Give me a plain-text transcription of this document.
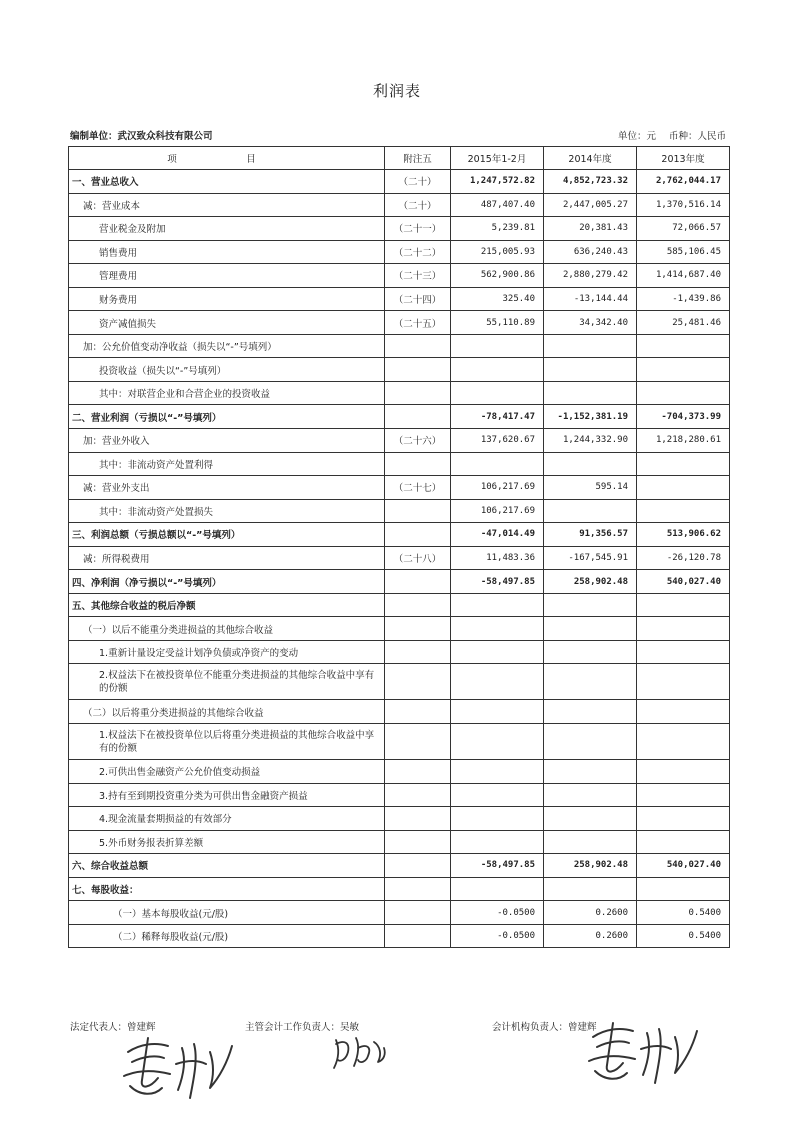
利润表
编制单位：武汉致众科技有限公司	单位：元 币种：人民币
项　目	附注五	2015年1-2月	2014年度	2013年度
一、营业总收入	（二十）	1,247,572.82	4,852,723.32	2,762,044.17
减：营业成本	（二十）	487,407.40	2,447,005.27	1,370,516.14
营业税金及附加	（二十一）	5,239.81	20,381.43	72,066.57
销售费用	（二十二）	215,005.93	636,240.43	585,106.45
管理费用	（二十三）	562,900.86	2,880,279.42	1,414,687.40
财务费用	（二十四）	325.40	-13,144.44	-1,439.86
资产减值损失	（二十五）	55,110.89	34,342.40	25,481.46
加：公允价值变动净收益（损失以“-”号填列）				
投资收益（损失以“-”号填列）				
其中：对联营企业和合营企业的投资收益				
二、营业利润（亏损以“-”号填列）		-78,417.47	-1,152,381.19	-704,373.99
加：营业外收入	（二十六）	137,620.67	1,244,332.90	1,218,280.61
其中：非流动资产处置利得				
减：营业外支出	（二十七）	106,217.69	595.14	
其中：非流动资产处置损失		106,217.69		
三、利润总额（亏损总额以“-”号填列）		-47,014.49	91,356.57	513,906.62
减：所得税费用	（二十八）	11,483.36	-167,545.91	-26,120.78
四、净利润（净亏损以“-”号填列）		-58,497.85	258,902.48	540,027.40
五、其他综合收益的税后净额				
（一）以后不能重分类进损益的其他综合收益				
1.重新计量设定受益计划净负债或净资产的变动				
2.权益法下在被投资单位不能重分类进损益的其他综合收益中享有的份额				
（二）以后将重分类进损益的其他综合收益				
1.权益法下在被投资单位以后将重分类进损益的其他综合收益中享有的份额				
2.可供出售金融资产公允价值变动损益				
3.持有至到期投资重分类为可供出售金融资产损益				
4.现金流量套期损益的有效部分				
5.外币财务报表折算差额				
六、综合收益总额		-58,497.85	258,902.48	540,027.40
七、每股收益：				
（一）基本每股收益(元/股)		-0.0500	0.2600	0.5400
（二）稀释每股收益(元/股)		-0.0500	0.2600	0.5400
法定代表人：曾建辉	主管会计工作负责人：吴敏	会计机构负责人：曾建辉
